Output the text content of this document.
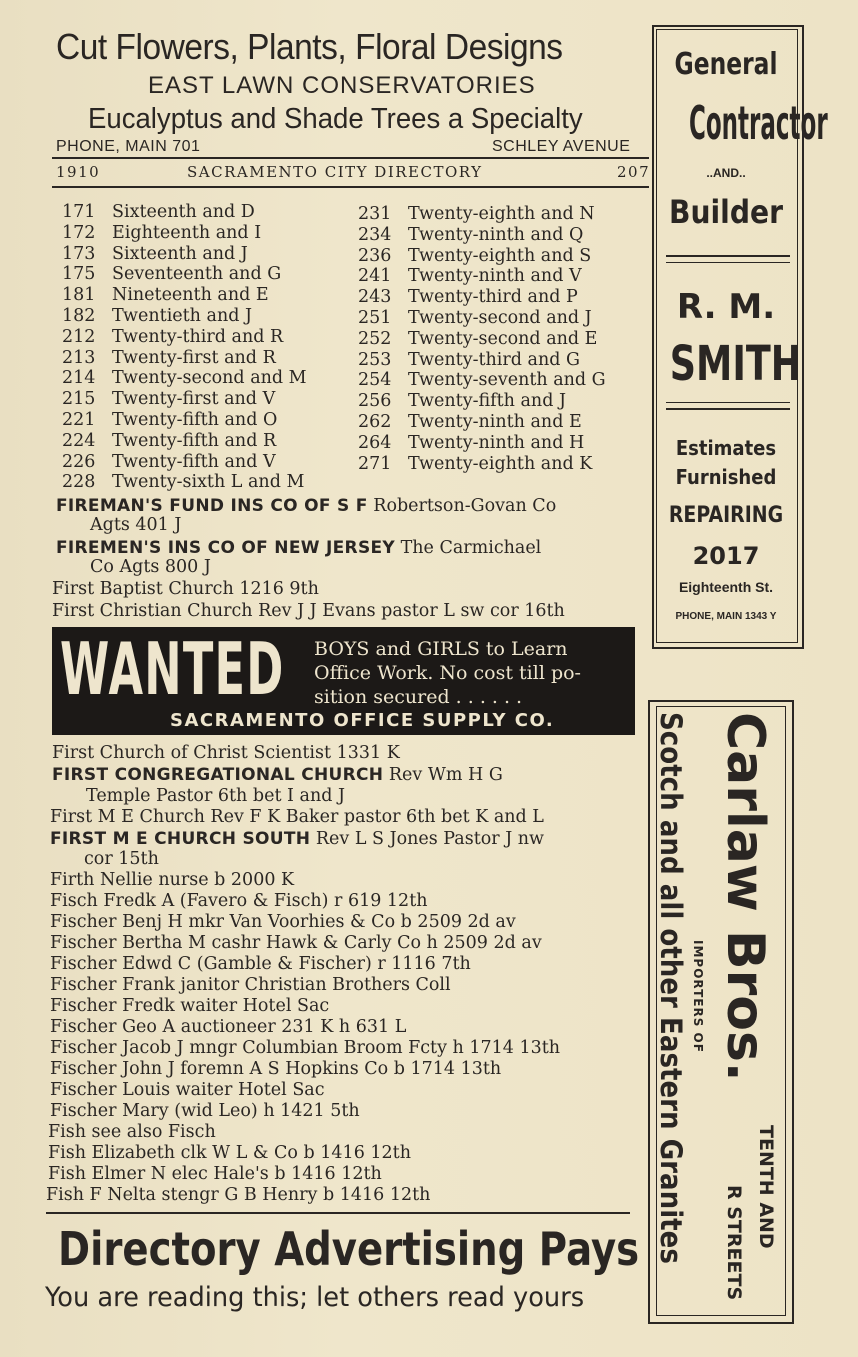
Cut Flowers, Plants, Floral Designs
EAST LAWN CONSERVATORIES
Eucalyptus and Shade Trees a Specialty
PHONE, MAIN 701	SCHLEY AVENUE
1910	SACRAMENTO CITY DIRECTORY	207
171 Sixteenth and D
172 Eighteenth and I
173 Sixteenth and J
175 Seventeenth and G
181 Nineteenth and E
182 Twentieth and J
212 Twenty-third and R
213 Twenty-first and R
214 Twenty-second and M
215 Twenty-first and V
221 Twenty-fifth and O
224 Twenty-fifth and R
226 Twenty-fifth and V
228 Twenty-sixth L and M
231 Twenty-eighth and N
234 Twenty-ninth and Q
236 Twenty-eighth and S
241 Twenty-ninth and V
243 Twenty-third and P
251 Twenty-second and J
252 Twenty-second and E
253 Twenty-third and G
254 Twenty-seventh and G
256 Twenty-fifth and J
262 Twenty-ninth and E
264 Twenty-ninth and H
271 Twenty-eighth and K
FIREMAN'S FUND INS CO OF S F Robertson-Govan Co
Agts 401 J
FIREMEN'S INS CO OF NEW JERSEY The Carmichael
Co Agts 800 J
First Baptist Church 1216 9th
First Christian Church Rev J J Evans pastor L sw cor 16th
WANTED BOYS and GIRLS to Learn
Office Work. No cost till po-
sition secured . . . . . .
SACRAMENTO OFFICE SUPPLY CO.
First Church of Christ Scientist 1331 K
FIRST CONGREGATIONAL CHURCH Rev Wm H G
Temple Pastor 6th bet I and J
First M E Church Rev F K Baker pastor 6th bet K and L
FIRST M E CHURCH SOUTH Rev L S Jones Pastor J nw
cor 15th
Firth Nellie nurse b 2000 K
Fisch Fredk A (Favero & Fisch) r 619 12th
Fischer Benj H mkr Van Voorhies & Co b 2509 2d av
Fischer Bertha M cashr Hawk & Carly Co h 2509 2d av
Fischer Edwd C (Gamble & Fischer) r 1116 7th
Fischer Frank janitor Christian Brothers Coll
Fischer Fredk waiter Hotel Sac
Fischer Geo A auctioneer 231 K h 631 L
Fischer Jacob J mngr Columbian Broom Fcty h 1714 13th
Fischer John J foremn A S Hopkins Co b 1714 13th
Fischer Louis waiter Hotel Sac
Fischer Mary (wid Leo) h 1421 5th
Fish see also Fisch
Fish Elizabeth clk W L & Co b 1416 12th
Fish Elmer N elec Hale's b 1416 12th
Fish F Nelta stengr G B Henry b 1416 12th
Directory Advertising Pays
You are reading this; let others read yours
General
Contractor
..AND..
Builder
R. M.
SMITH
Estimates
Furnished
REPAIRING
2017
Eighteenth St.
PHONE, MAIN 1343 Y
Carlaw Bros.
IMPORTERS OF
Scotch and all other Eastern Granites	TENTH AND
R STREETS
